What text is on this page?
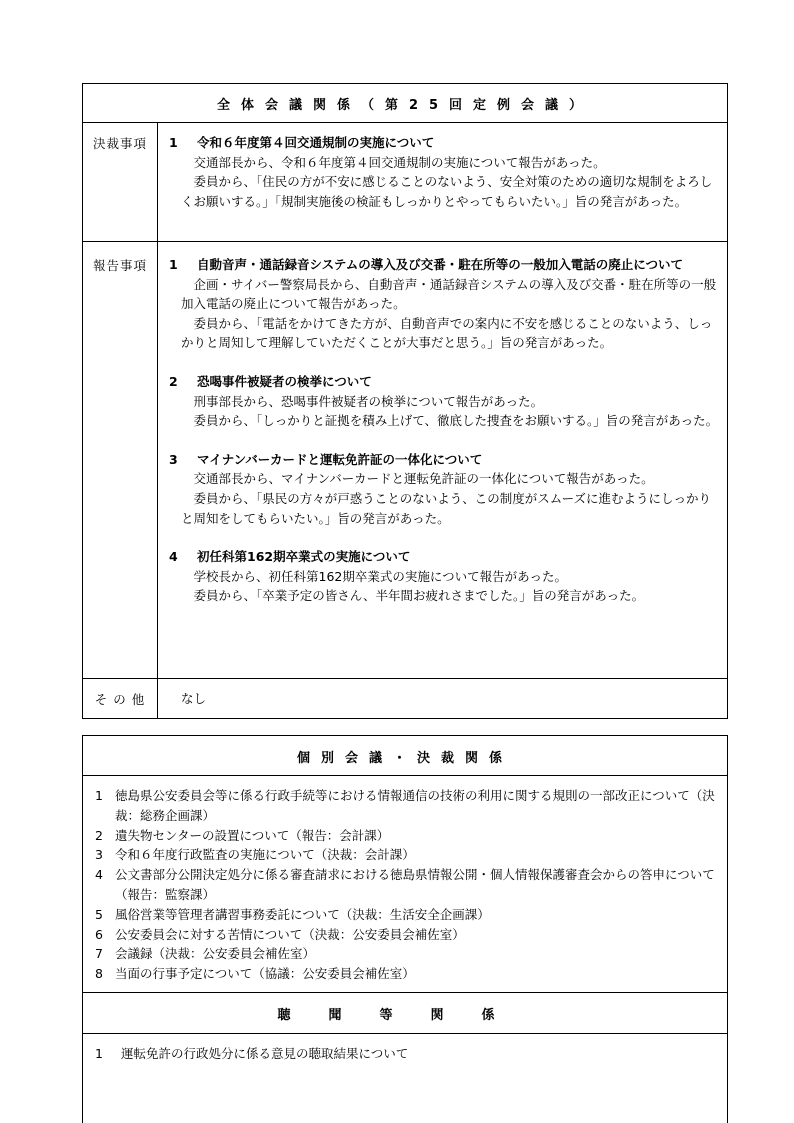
全体会議関係（第25回定例会議）
決裁事項	1	令和６年度第４回交通規制の実施について
交通部長から、令和６年度第４回交通規制の実施について報告があった。
委員から、「住民の方が不安に感じることのないよう、安全対策のための適切な規制をよろしくお願いする。」「規制実施後の検証もしっかりとやってもらいたい。」旨の発言があった。
報告事項	1	自動音声・通話録音システムの導入及び交番・駐在所等の一般加入電話の廃止について
企画・サイバー警察局長から、自動音声・通話録音システムの導入及び交番・駐在所等の一般加入電話の廃止について報告があった。
委員から、「電話をかけてきた方が、自動音声での案内に不安を感じることのないよう、しっかりと周知して理解していただくことが大事だと思う。」旨の発言があった。
2	恐喝事件被疑者の検挙について
刑事部長から、恐喝事件被疑者の検挙について報告があった。
委員から、「しっかりと証拠を積み上げて、徹底した捜査をお願いする。」旨の発言があった。
3	マイナンバーカードと運転免許証の一体化について
交通部長から、マイナンバーカードと運転免許証の一体化について報告があった。
委員から、「県民の方々が戸惑うことのないよう、この制度がスムーズに進むようにしっかりと周知をしてもらいたい。」旨の発言があった。
4	初任科第162期卒業式の実施について
学校長から、初任科第162期卒業式の実施について報告があった。
委員から、「卒業予定の皆さん、半年間お疲れさまでした。」旨の発言があった。
そ の 他	なし
個別会議・決裁関係
1 徳島県公安委員会等に係る行政手続等における情報通信の技術の利用に関する規則の一部改正について（決裁：総務企画課）
2 遺失物センターの設置について（報告：会計課）
3 令和６年度行政監査の実施について（決裁：会計課）
4 公文書部分公開決定処分に係る審査請求における徳島県情報公開・個人情報保護審査会からの答申について（報告：監察課）
5 風俗営業等管理者講習事務委託について（決裁：生活安全企画課）
6 公安委員会に対する苦情について（決裁：公安委員会補佐室）
7 会議録（決裁：公安委員会補佐室）
8 当面の行事予定について（協議：公安委員会補佐室）
聴聞等関係
1	運転免許の行政処分に係る意見の聴取結果について
